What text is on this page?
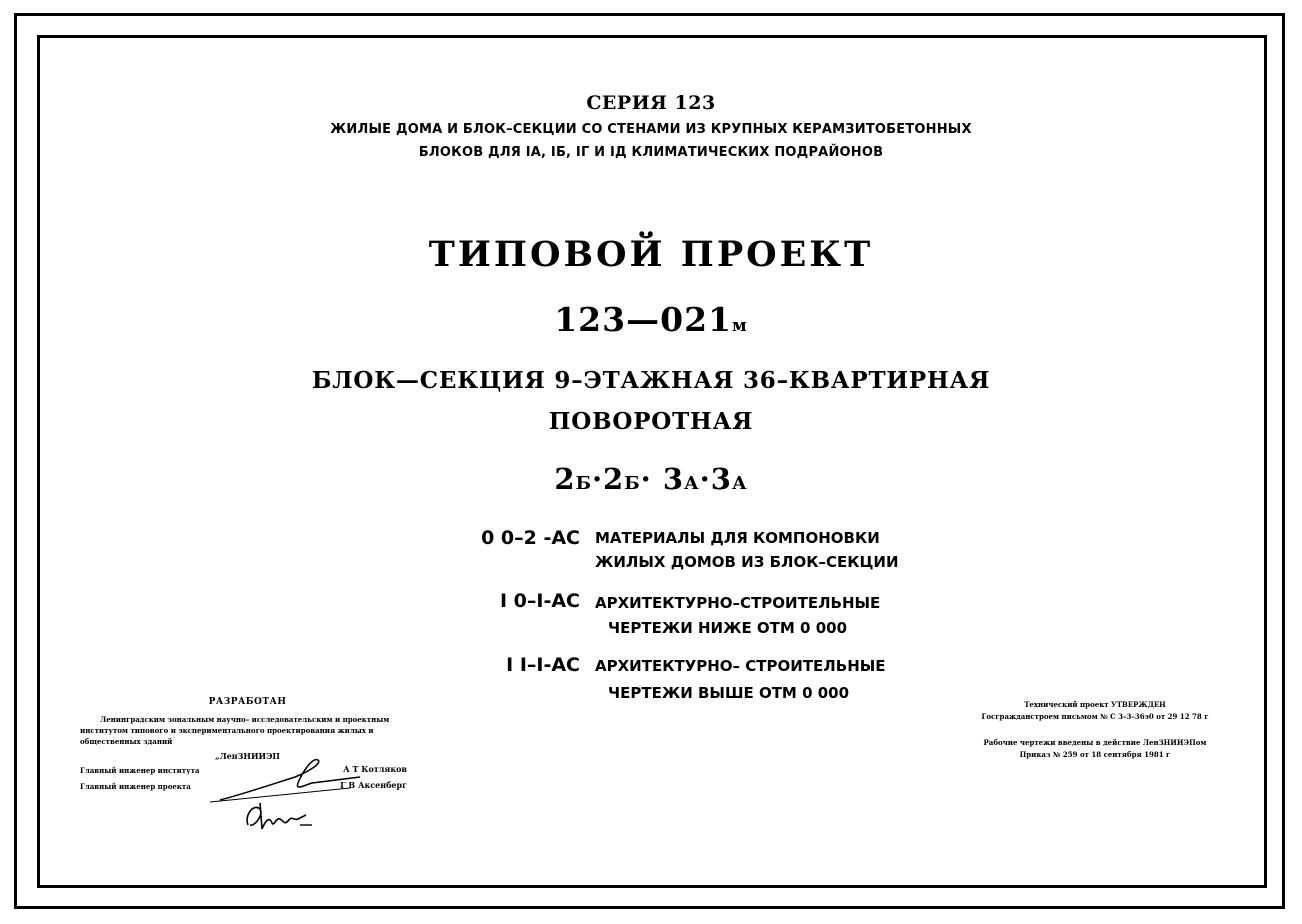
СЕРИЯ 123
ЖИЛЫЕ ДОМА И БЛОК–СЕКЦИИ СО СТЕНАМИ ИЗ КРУПНЫХ КЕРАМЗИТОБЕТОННЫХ
БЛОКОВ ДЛЯ IА, IБ, IГ И IД КЛИМАТИЧЕСКИХ ПОДРАЙОНОВ
ТИПОВОЙ ПРОЕКТ
123—021м
БЛОК—СЕКЦИЯ 9–ЭТАЖНАЯ 36–КВАРТИРНАЯ
ПОВОРОТНАЯ
2Б·2Б· 3А·3А
0 0–2 -АС МАТЕРИАЛЫ ДЛЯ КОМПОНОВКИ
ЖИЛЫХ ДОМОВ ИЗ БЛОК–СЕКЦИИ
I 0–I-АС АРХИТЕКТУРНО–СТРОИТЕЛЬНЫЕ
ЧЕРТЕЖИ НИЖЕ ОТМ 0 000
I I–I-АС АРХИТЕКТУРНО– СТРОИТЕЛЬНЫЕ
ЧЕРТЕЖИ ВЫШЕ ОТМ 0 000
РАЗРАБОТАН
Ленинградским зональным научно– исследовательским и проектным институтом типового и экспериментального проектирования жилых и общественных зданий
„ЛенЗНИИЭП
Главный инженер института	А Т Котляков
Главный инженер проекта	Г В Аксенберг
Технический проект УТВЕРЖДЕН
Госгражданстроем письмом № С 3–3–36э0 от 29 12 78 г
Рабочие чертежи введены в действие ЛенЗНИИЭПом
Приказ № 259 от 18 сентября 1981 г
